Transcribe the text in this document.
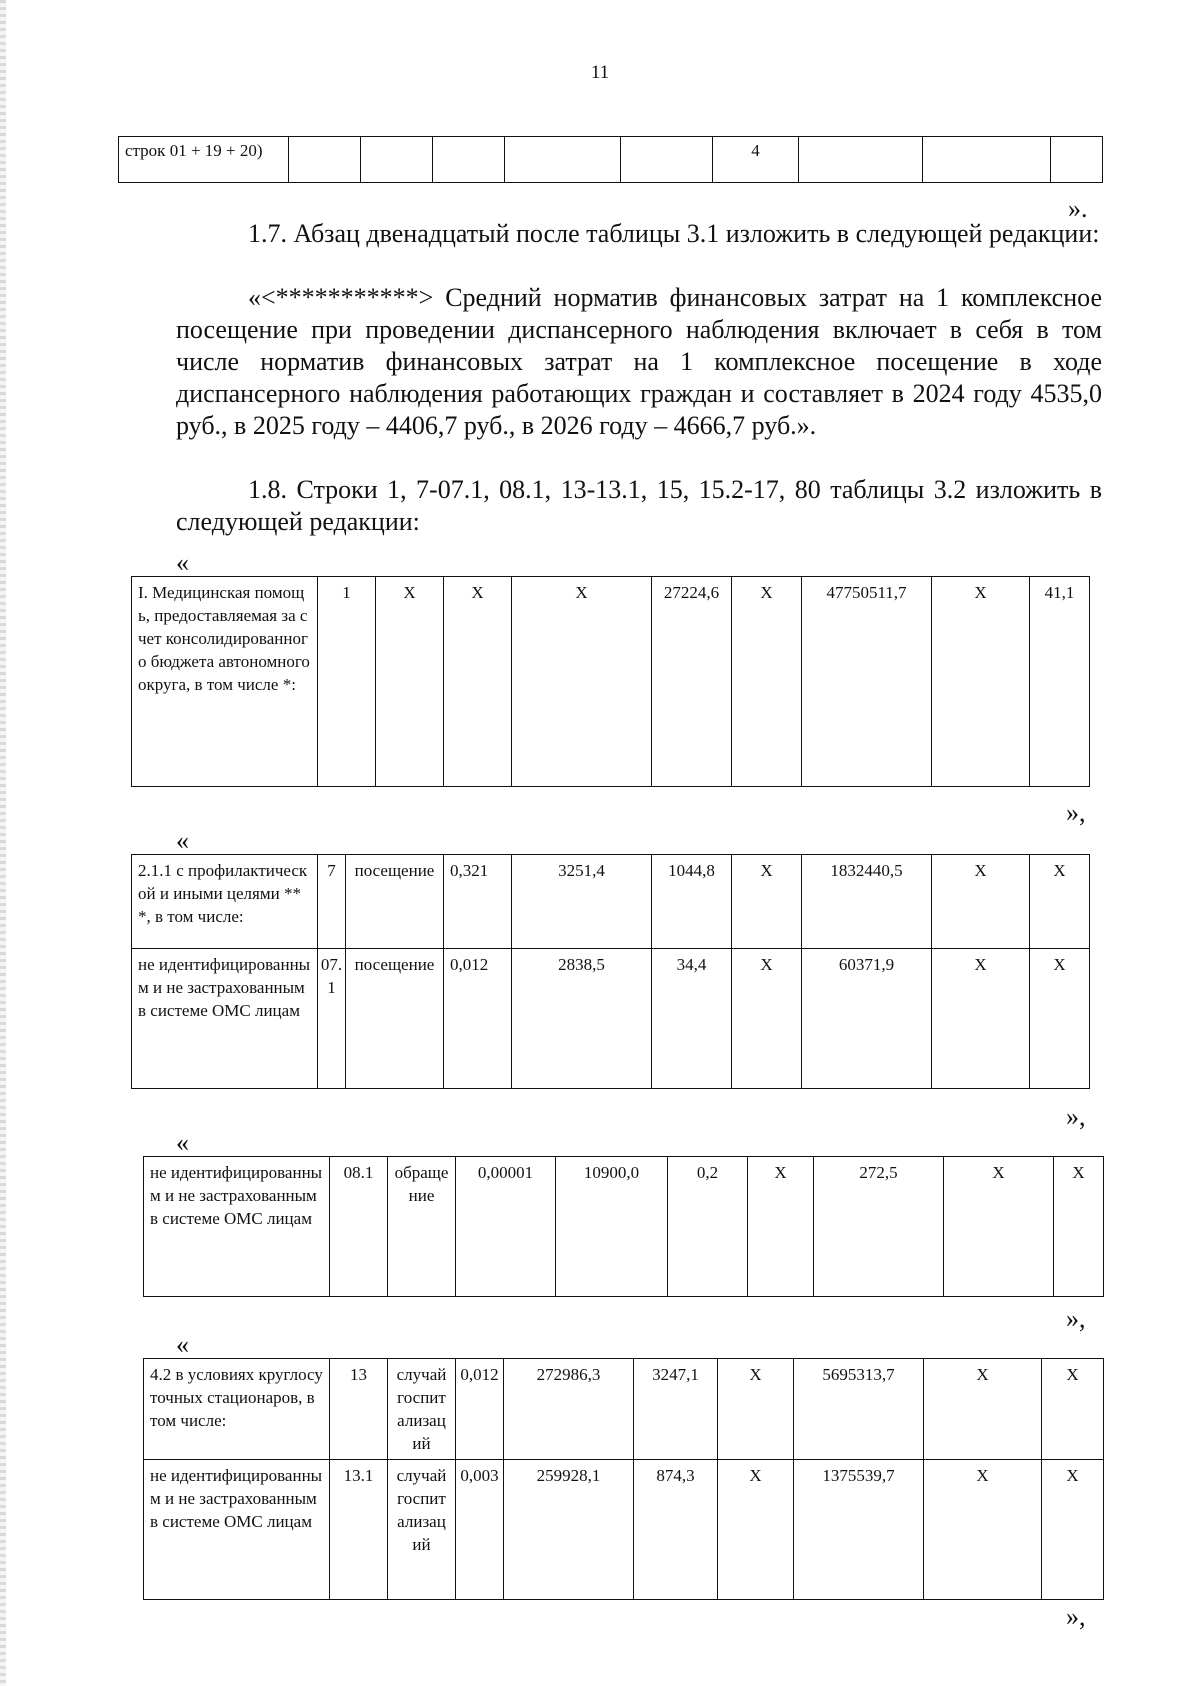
11
строк 01 + 19 + 20)						4			
».

1.7. Абзац двенадцатый после таблицы 3.1 изложить в следующей редакции:

«<***********> Средний норматив финансовых затрат на 1 комплексное посещение при проведении диспансерного наблюдения включает в себя в том числе норматив финансовых затрат на 1 комплексное посещение в ходе диспансерного наблюдения работающих граждан и составляет в 2024 году 4535,0 руб., в 2025 году – 4406,7 руб., в 2026 году – 4666,7 руб.».

1.8. Строки 1, 7-07.1, 08.1, 13-13.1, 15, 15.2-17, 80 таблицы 3.2 изложить в следующей редакции:

«
I. Медицинская помощь, предоставляемая за счет консолидированного бюджета автономного округа, в том числе *:	1	Х	Х	Х	27224,6	Х	47750511,7	Х	41,1
»,
«
2.1.1 с профилактической и иными целями ***, в том числе:	7	посещение	0,321	3251,4	1044,8	Х	1832440,5	Х	Х
не идентифицированным и не застрахованным в системе ОМС лицам	07.1	посещение	0,012	2838,5	34,4	Х	60371,9	Х	Х
»,
«
не идентифицированным и не застрахованным в системе ОМС лицам	08.1	обращение	0,00001	10900,0	0,2	Х	272,5	Х	Х
»,
«
4.2 в условиях круглосуточных стационаров, в том числе:	13	случай госпитализаций	0,012	272986,3	3247,1	Х	5695313,7	Х	Х
не идентифицированным и не застрахованным в системе ОМС лицам	13.1	случай госпитализаций	0,003	259928,1	874,3	Х	1375539,7	Х	Х
»,
